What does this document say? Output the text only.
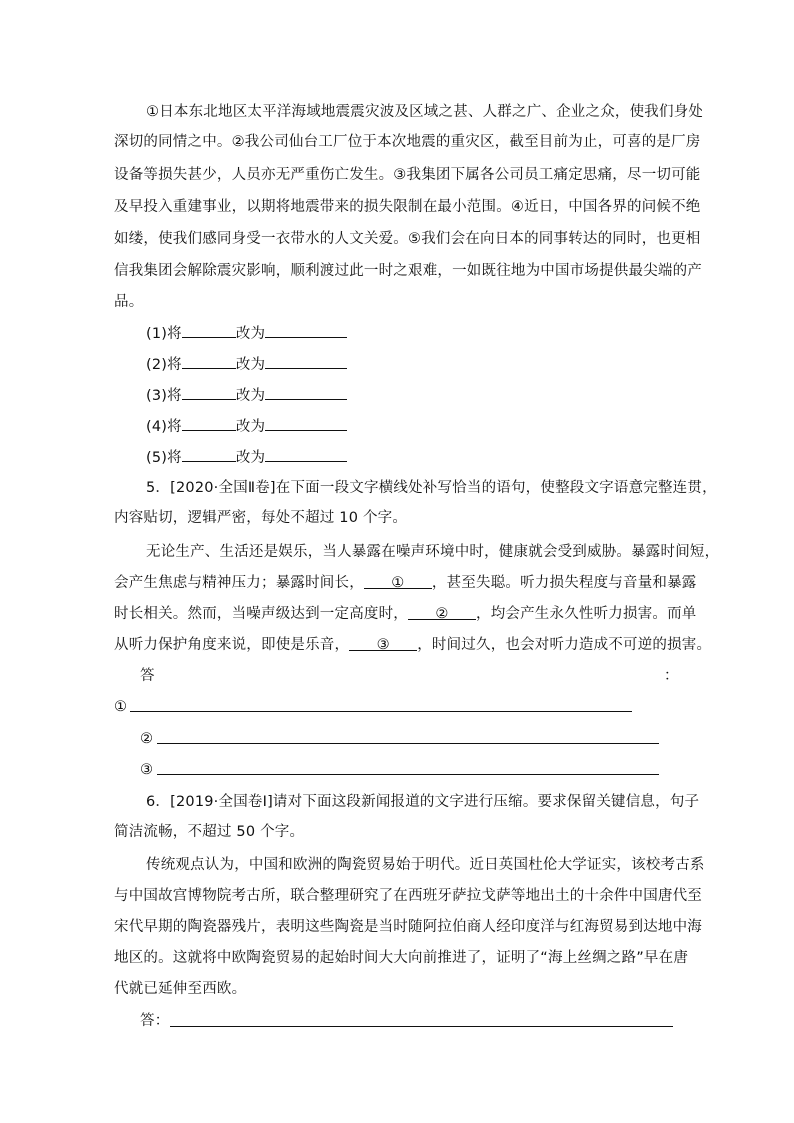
①日本东北地区太平洋海域地震震灾波及区域之甚、人群之广、企业之众，使我们身处
深切的同情之中。②我公司仙台工厂位于本次地震的重灾区，截至目前为止，可喜的是厂房
设备等损失甚少，人员亦无严重伤亡发生。③我集团下属各公司员工痛定思痛，尽一切可能
及早投入重建事业，以期将地震带来的损失限制在最小范围。④近日，中国各界的问候不绝
如缕，使我们感同身受一衣带水的人文关爱。⑤我们会在向日本的同事转达的同时，也更相
信我集团会解除震灾影响，顺利渡过此一时之艰难，一如既往地为中国市场提供最尖端的产
品。
(1)将	改为
(2)将	改为
(3)将	改为
(4)将	改为
(5)将	改为
5．[2020·全国Ⅱ卷]在下面一段文字横线处补写恰当的语句，使整段文字语意完整连贯，
内容贴切，逻辑严密，每处不超过 10 个字。
无论生产、生活还是娱乐，当人暴露在噪声环境中时，健康就会受到威胁。暴露时间短，
会产生焦虑与精神压力；暴露时间长， ① ，甚至失聪。听力损失程度与音量和暴露
时长相关。然而，当噪声级达到一定高度时， ② ，均会产生永久性听力损害。而单
从听力保护角度来说，即使是乐音， ③ ，时间过久，也会对听力造成不可逆的损害。
答	：
①
②
③
6．[2019·全国卷Ⅰ]请对下面这段新闻报道的文字进行压缩。要求保留关键信息，句子
简洁流畅，不超过 50 个字。
传统观点认为，中国和欧洲的陶瓷贸易始于明代。近日英国杜伦大学证实，该校考古系
与中国故宫博物院考古所，联合整理研究了在西班牙萨拉戈萨等地出土的十余件中国唐代至
宋代早期的陶瓷器残片，表明这些陶瓷是当时随阿拉伯商人经印度洋与红海贸易到达地中海
地区的。这就将中欧陶瓷贸易的起始时间大大向前推进了，证明了“海上丝绸之路”早在唐
代就已延伸至西欧。
答：
